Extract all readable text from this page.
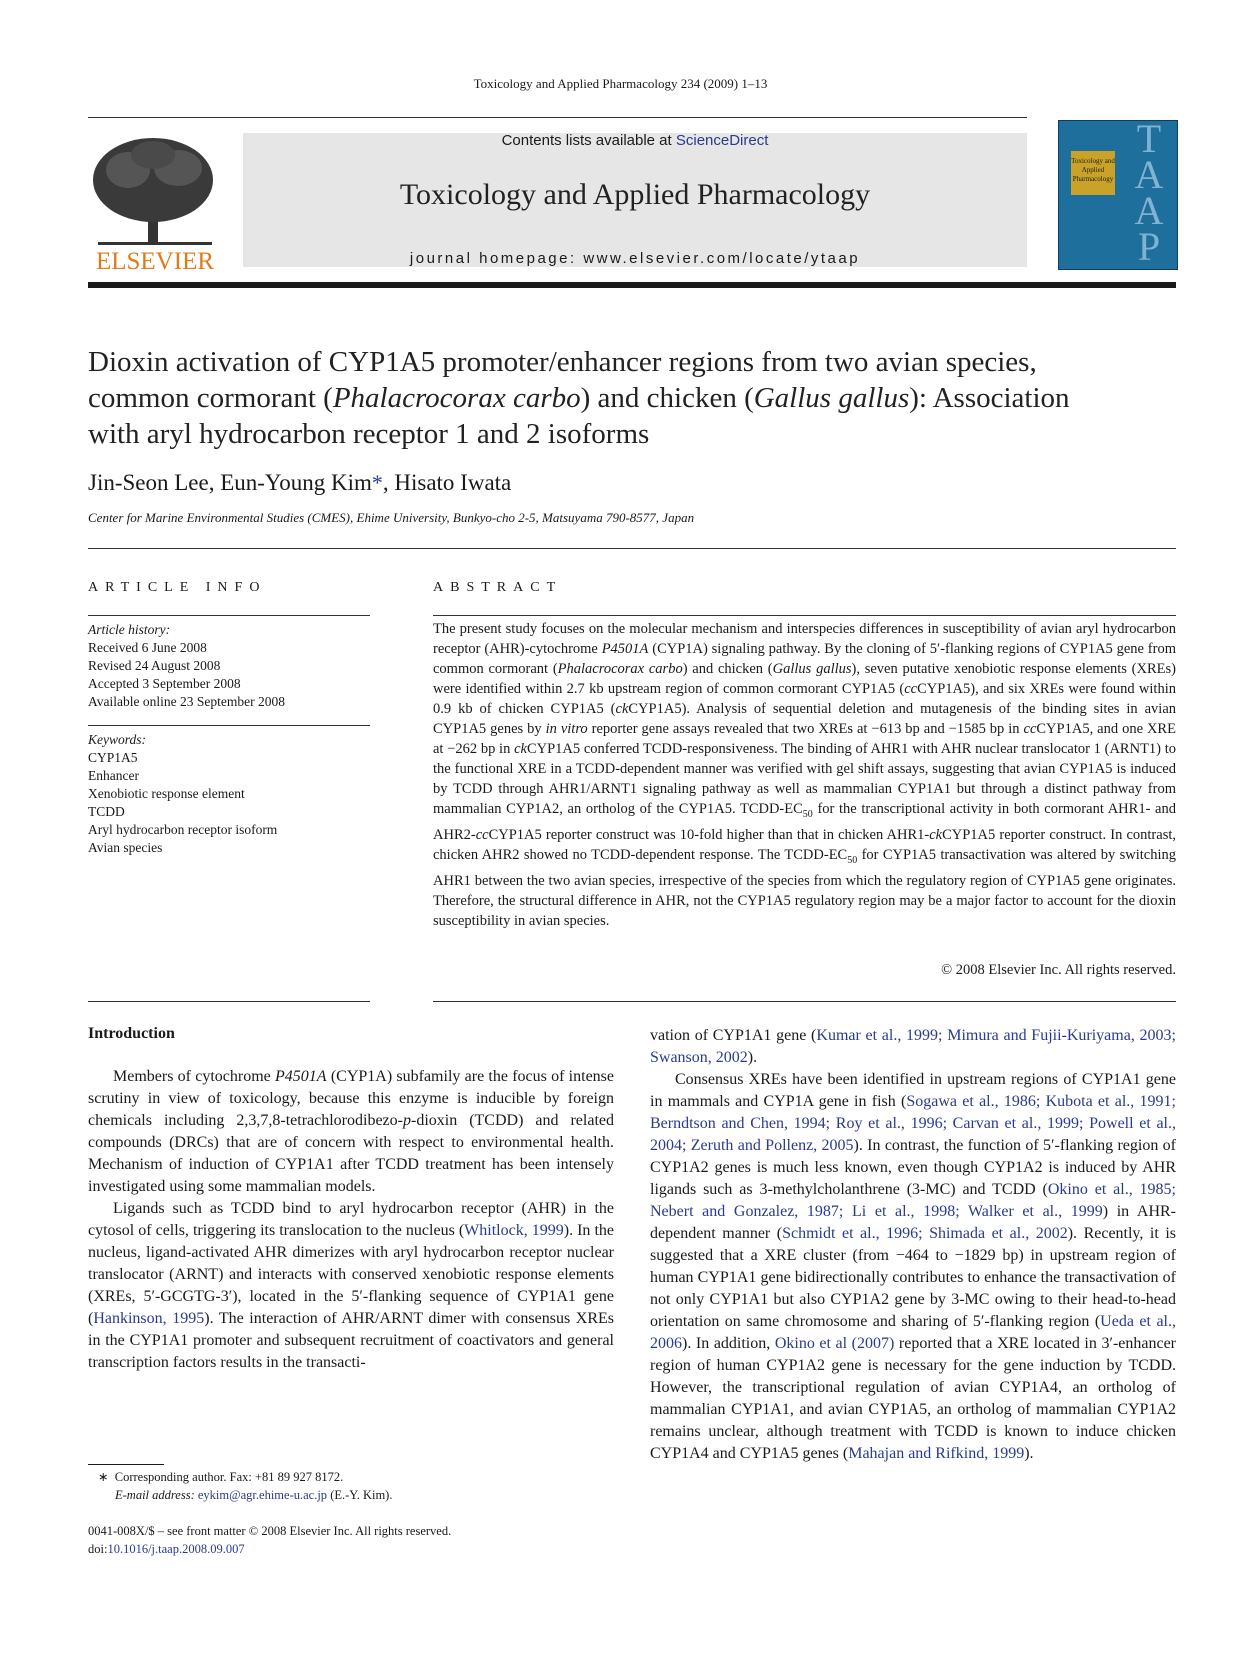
Toxicology and Applied Pharmacology 234 (2009) 1–13
ELSEVIER
Contents lists available at ScienceDirect
Toxicology and Applied Pharmacology
journal homepage: www.elsevier.com/locate/ytaap
Toxicology and Applied Pharmacology
TAAP
Dioxin activation of CYP1A5 promoter/enhancer regions from two avian species,
common cormorant (Phalacrocorax carbo) and chicken (Gallus gallus): Association
with aryl hydrocarbon receptor 1 and 2 isoforms
Jin-Seon Lee, Eun-Young Kim*, Hisato Iwata
Center for Marine Environmental Studies (CMES), Ehime University, Bunkyo-cho 2-5, Matsuyama 790-8577, Japan
ARTICLE INFO
Article history:
Received 6 June 2008
Revised 24 August 2008
Accepted 3 September 2008
Available online 23 September 2008
Keywords:
CYP1A5
Enhancer
Xenobiotic response element
TCDD
Aryl hydrocarbon receptor isoform
Avian species
ABSTRACT
The present study focuses on the molecular mechanism and interspecies differences in susceptibility of avian aryl hydrocarbon receptor (AHR)-cytochrome P4501A (CYP1A) signaling pathway. By the cloning of 5′-flanking regions of CYP1A5 gene from common cormorant (Phalacrocorax carbo) and chicken (Gallus gallus), seven putative xenobiotic response elements (XREs) were identified within 2.7 kb upstream region of common cormorant CYP1A5 (ccCYP1A5), and six XREs were found within 0.9 kb of chicken CYP1A5 (ckCYP1A5). Analysis of sequential deletion and mutagenesis of the binding sites in avian CYP1A5 genes by in vitro reporter gene assays revealed that two XREs at −613 bp and −1585 bp in ccCYP1A5, and one XRE at −262 bp in ckCYP1A5 conferred TCDD-responsiveness. The binding of AHR1 with AHR nuclear translocator 1 (ARNT1) to the functional XRE in a TCDD-dependent manner was verified with gel shift assays, suggesting that avian CYP1A5 is induced by TCDD through AHR1/ARNT1 signaling pathway as well as mammalian CYP1A1 but through a distinct pathway from mammalian CYP1A2, an ortholog of the CYP1A5. TCDD-$EC_{50}$ for the transcriptional activity in both cormorant AHR1- and AHR2-ccCYP1A5 reporter construct was 10-fold higher than that in chicken AHR1-ckCYP1A5 reporter construct. In contrast, chicken AHR2 showed no TCDD-dependent response. The TCDD-$EC_{50}$ for CYP1A5 transactivation was altered by switching AHR1 between the two avian species, irrespective of the species from which the regulatory region of CYP1A5 gene originates. Therefore, the structural difference in AHR, not the CYP1A5 regulatory region may be a major factor to account for the dioxin susceptibility in avian species.
© 2008 Elsevier Inc. All rights reserved.
Introduction

Members of cytochrome P4501A (CYP1A) subfamily are the focus of intense scrutiny in view of toxicology, because this enzyme is inducible by foreign chemicals including 2,3,7,8-tetrachlorodibezo-p-dioxin (TCDD) and related compounds (DRCs) that are of concern with respect to environmental health. Mechanism of induction of CYP1A1 after TCDD treatment has been intensely investigated using some mammalian models.

Ligands such as TCDD bind to aryl hydrocarbon receptor (AHR) in the cytosol of cells, triggering its translocation to the nucleus (Whitlock, 1999). In the nucleus, ligand-activated AHR dimerizes with aryl hydrocarbon receptor nuclear translocator (ARNT) and interacts with conserved xenobiotic response elements (XREs, 5′-GCGTG-3′), located in the 5′-flanking sequence of CYP1A1 gene (Hankinson, 1995). The interaction of AHR/ARNT dimer with consensus XREs in the CYP1A1 promoter and subsequent recruitment of coactivators and general transcription factors results in the transacti-

∗  Corresponding author. Fax: +81 89 927 8172.
E-mail address: eykim@agr.ehime-u.ac.jp (E.-Y. Kim).
0041-008X/$ – see front matter © 2008 Elsevier Inc. All rights reserved.
doi:10.1016/j.taap.2008.09.007

vation of CYP1A1 gene (Kumar et al., 1999; Mimura and Fujii-Kuriyama, 2003; Swanson, 2002).

Consensus XREs have been identified in upstream regions of CYP1A1 gene in mammals and CYP1A gene in fish (Sogawa et al., 1986; Kubota et al., 1991; Berndtson and Chen, 1994; Roy et al., 1996; Carvan et al., 1999; Powell et al., 2004; Zeruth and Pollenz, 2005). In contrast, the function of 5′-flanking region of CYP1A2 genes is much less known, even though CYP1A2 is induced by AHR ligands such as 3-methylcholanthrene (3-MC) and TCDD (Okino et al., 1985; Nebert and Gonzalez, 1987; Li et al., 1998; Walker et al., 1999) in AHR-dependent manner (Schmidt et al., 1996; Shimada et al., 2002). Recently, it is suggested that a XRE cluster (from −464 to −1829 bp) in upstream region of human CYP1A1 gene bidirectionally contributes to enhance the transactivation of not only CYP1A1 but also CYP1A2 gene by 3-MC owing to their head-to-head orientation on same chromosome and sharing of 5′-flanking region (Ueda et al., 2006). In addition, Okino et al (2007) reported that a XRE located in 3′-enhancer region of human CYP1A2 gene is necessary for the gene induction by TCDD. However, the transcriptional regulation of avian CYP1A4, an ortholog of mammalian CYP1A1, and avian CYP1A5, an ortholog of mammalian CYP1A2 remains unclear, although treatment with TCDD is known to induce chicken CYP1A4 and CYP1A5 genes (Mahajan and Rifkind, 1999).
